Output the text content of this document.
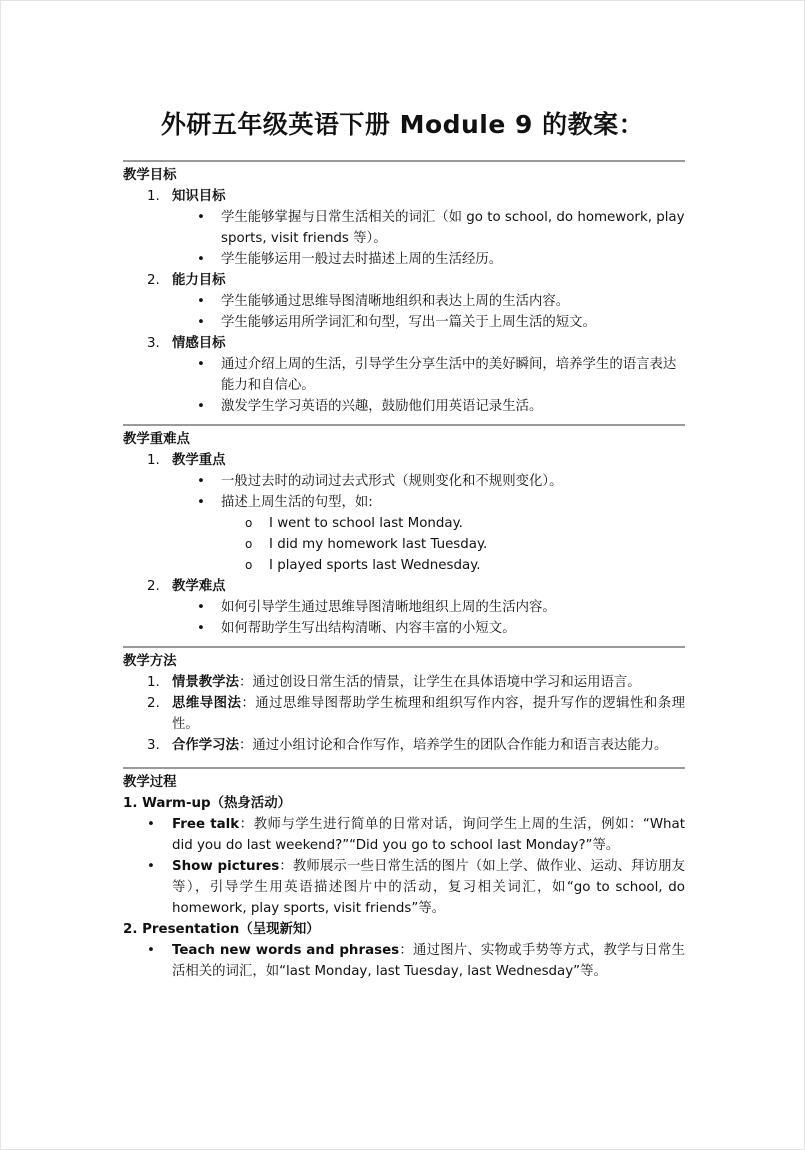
外研五年级英语下册 Module 9 的教案：
教学目标
1. 知识目标
• 学生能够掌握与日常生活相关的词汇（如 go to school, do homework, play sports, visit friends 等）。
• 学生能够运用一般过去时描述上周的生活经历。
2. 能力目标
• 学生能够通过思维导图清晰地组织和表达上周的生活内容。
• 学生能够运用所学词汇和句型，写出一篇关于上周生活的短文。
3. 情感目标
• 通过介绍上周的生活，引导学生分享生活中的美好瞬间，培养学生的语言表达能力和自信心。
• 激发学生学习英语的兴趣，鼓励他们用英语记录生活。
教学重难点
1. 教学重点
• 一般过去时的动词过去式形式（规则变化和不规则变化）。
• 描述上周生活的句型，如:
o I went to school last Monday.
o I did my homework last Tuesday.
o I played sports last Wednesday.
2. 教学难点
• 如何引导学生通过思维导图清晰地组织上周的生活内容。
• 如何帮助学生写出结构清晰、内容丰富的小短文。
教学方法
1. 情景教学法：通过创设日常生活的情景，让学生在具体语境中学习和运用语言。
2. 思维导图法：通过思维导图帮助学生梳理和组织写作内容，提升写作的逻辑性和条理性。
3. 合作学习法：通过小组讨论和合作写作，培养学生的团队合作能力和语言表达能力。
教学过程
1. Warm-up（热身活动）
• Free talk：教师与学生进行简单的日常对话，询问学生上周的生活，例如：“What did you do last weekend?”“Did you go to school last Monday?”等。
• Show pictures：教师展示一些日常生活的图片（如上学、做作业、运动、拜访朋友等），引导学生用英语描述图片中的活动，复习相关词汇，如“go to school, do homework, play sports, visit friends”等。
2. Presentation（呈现新知）
• Teach new words and phrases：通过图片、实物或手势等方式，教学与日常生活相关的词汇，如“last Monday, last Tuesday, last Wednesday”等。
